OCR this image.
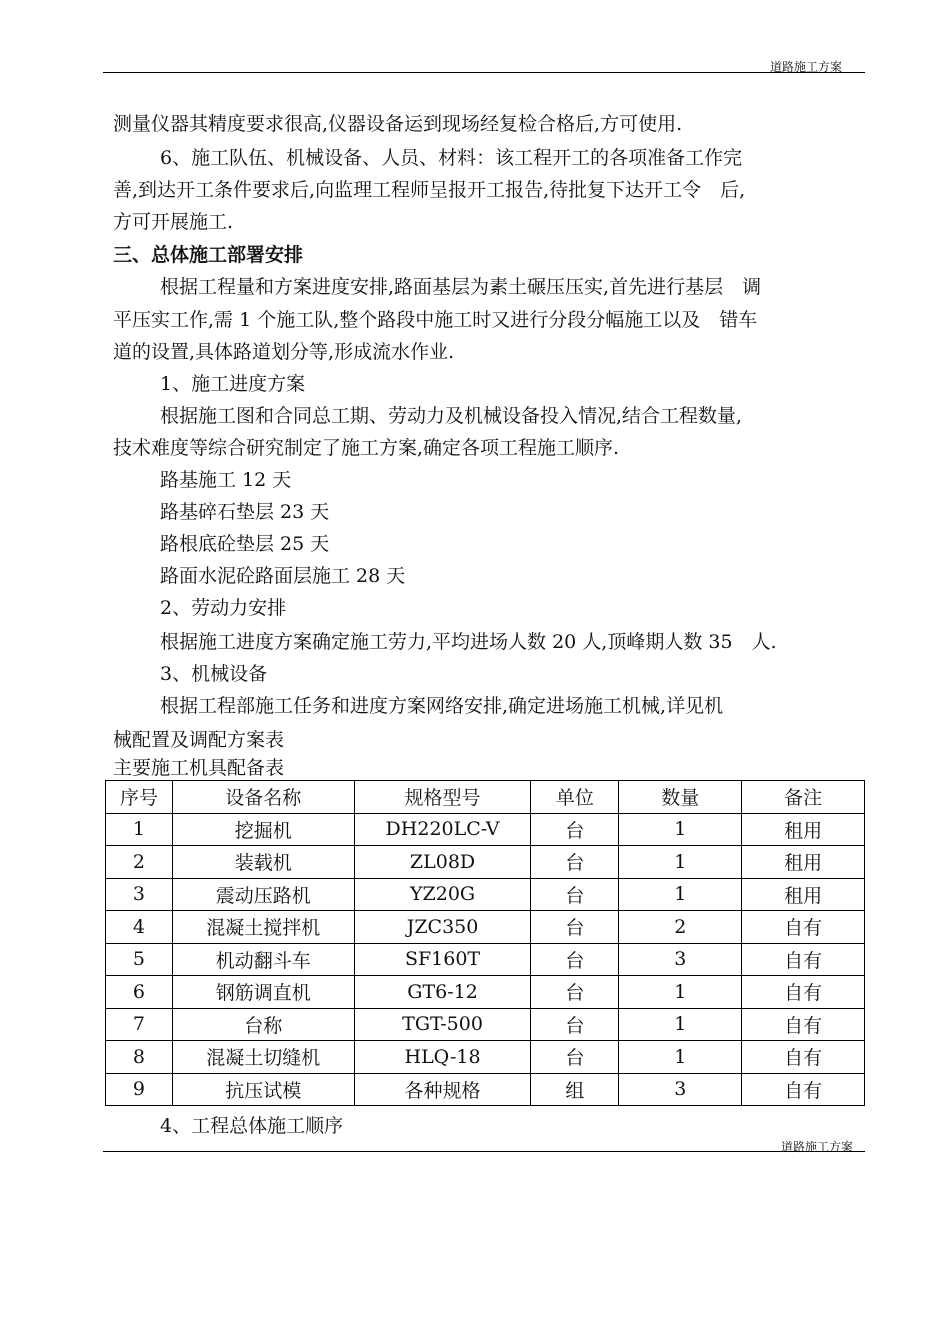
道路施工方案
测量仪器其精度要求很高,仪器设备运到现场经复检合格后,方可使用.
6、施工队伍、机械设备、人员、材料：该工程开工的各项准备工作完
善,到达开工条件要求后,向监理工程师呈报开工报告,待批复下达开工令　后,
方可开展施工.
三、总体施工部署安排
根据工程量和方案进度安排,路面基层为素土碾压压实,首先进行基层　调
平压实工作,需 1 个施工队,整个路段中施工时又进行分段分幅施工以及　错车
道的设置,具体路道划分等,形成流水作业.
1、施工进度方案
根据施工图和合同总工期、劳动力及机械设备投入情况,结合工程数量,
技术难度等综合研究制定了施工方案,确定各项工程施工顺序.
路基施工 12 天
路基碎石垫层 23 天
路根底砼垫层 25 天
路面水泥砼路面层施工 28 天
2、劳动力安排
根据施工进度方案确定施工劳力,平均进场人数 20 人,顶峰期人数 35　人.
3、机械设备
根据工程部施工任务和进度方案网络安排,确定进场施工机械,详见机
械配置及调配方案表
主要施工机具配备表
序号	设备名称	规格型号	单位	数量	备注
1	挖掘机	DH220LC-V	台	1	租用
2	装载机	ZL08D	台	1	租用
3	震动压路机	YZ20G	台	1	租用
4	混凝土搅拌机	JZC350	台	2	自有
5	机动翻斗车	SF160T	台	3	自有
6	钢筋调直机	GT6-12	台	1	自有
7	台称	TGT-500	台	1	自有
8	混凝土切缝机	HLQ-18	台	1	自有
9	抗压试模	各种规格	组	3	自有
4、工程总体施工顺序
道路施工方案
